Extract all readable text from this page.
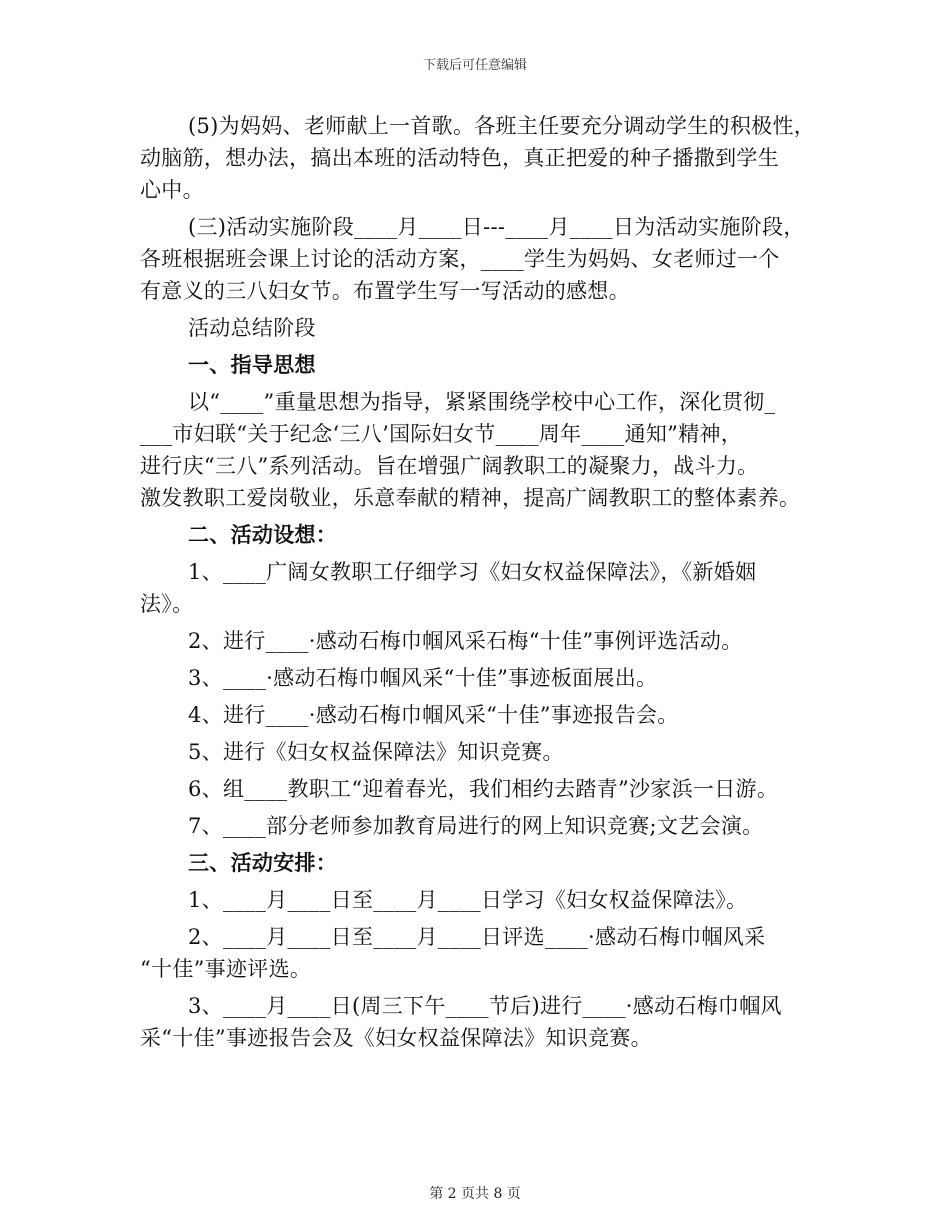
下载后可任意编辑
(5)为妈妈、老师献上一首歌。各班主任要充分调动学生的积极性，
动脑筋，想办法，搞出本班的活动特色，真正把爱的种子播撒到学生
心中。
(三)活动实施阶段____月____日---____月____日为活动实施阶段，
各班根据班会课上讨论的活动方案，____学生为妈妈、女老师过一个
有意义的三八妇女节。布置学生写一写活动的感想。
活动总结阶段
一、指导思想
以“____”重量思想为指导，紧紧围绕学校中心工作，深化贯彻_
___市妇联“关于纪念‘三八’国际妇女节____周年____通知”精神，
进行庆“三八”系列活动。旨在增强广阔教职工的凝聚力，战斗力。
激发教职工爱岗敬业，乐意奉献的精神，提高广阔教职工的整体素养。
二、活动设想：
1、____广阔女教职工仔细学习《妇女权益保障法》，《新婚姻
法》。
2、进行____·感动石梅巾帼风采石梅“十佳”事例评选活动。
3、____·感动石梅巾帼风采“十佳”事迹板面展出。
4、进行____·感动石梅巾帼风采“十佳”事迹报告会。
5、进行《妇女权益保障法》知识竞赛。
6、组____教职工“迎着春光，我们相约去踏青”沙家浜一日游。
7、____部分老师参加教育局进行的网上知识竞赛;文艺会演。
三、活动安排：
1、____月____日至____月____日学习《妇女权益保障法》。
2、____月____日至____月____日评选____·感动石梅巾帼风采
“十佳”事迹评选。
3、____月____日(周三下午____节后)进行____·感动石梅巾帼风
采“十佳”事迹报告会及《妇女权益保障法》知识竞赛。
第 2 页共 8 页
